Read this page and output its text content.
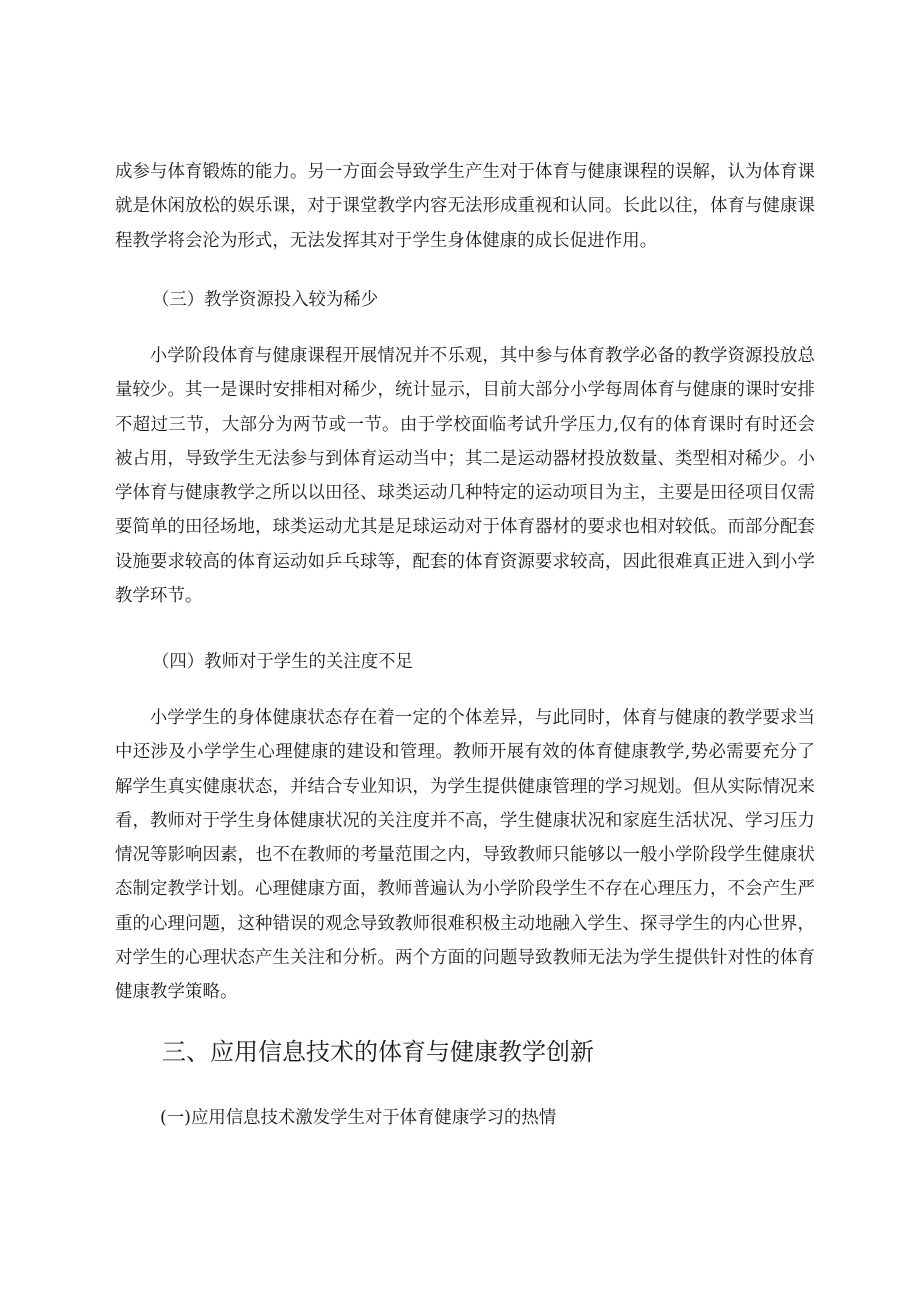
成参与体育锻炼的能力。另一方面会导致学生产生对于体育与健康课程的误解，认为体育课就是休闲放松的娱乐课，对于课堂教学内容无法形成重视和认同。长此以往，体育与健康课程教学将会沦为形式，无法发挥其对于学生身体健康的成长促进作用。

（三）教学资源投入较为稀少

小学阶段体育与健康课程开展情况并不乐观，其中参与体育教学必备的教学资源投放总量较少。其一是课时安排相对稀少，统计显示，目前大部分小学每周体育与健康的课时安排不超过三节，大部分为两节或一节。由于学校面临考试升学压力,仅有的体育课时有时还会被占用，导致学生无法参与到体育运动当中；其二是运动器材投放数量、类型相对稀少。小学体育与健康教学之所以以田径、球类运动几种特定的运动项目为主，主要是田径项目仅需要简单的田径场地，球类运动尤其是足球运动对于体育器材的要求也相对较低。而部分配套设施要求较高的体育运动如乒乓球等，配套的体育资源要求较高，因此很难真正进入到小学教学环节。

（四）教师对于学生的关注度不足

小学学生的身体健康状态存在着一定的个体差异，与此同时，体育与健康的教学要求当中还涉及小学学生心理健康的建设和管理。教师开展有效的体育健康教学,势必需要充分了解学生真实健康状态，并结合专业知识，为学生提供健康管理的学习规划。但从实际情况来看，教师对于学生身体健康状况的关注度并不高，学生健康状况和家庭生活状况、学习压力情况等影响因素，也不在教师的考量范围之内，导致教师只能够以一般小学阶段学生健康状态制定教学计划。心理健康方面，教师普遍认为小学阶段学生不存在心理压力，不会产生严重的心理问题，这种错误的观念导致教师很难积极主动地融入学生、探寻学生的内心世界，对学生的心理状态产生关注和分析。两个方面的问题导致教师无法为学生提供针对性的体育健康教学策略。

三、应用信息技术的体育与健康教学创新

(一)应用信息技术激发学生对于体育健康学习的热情
